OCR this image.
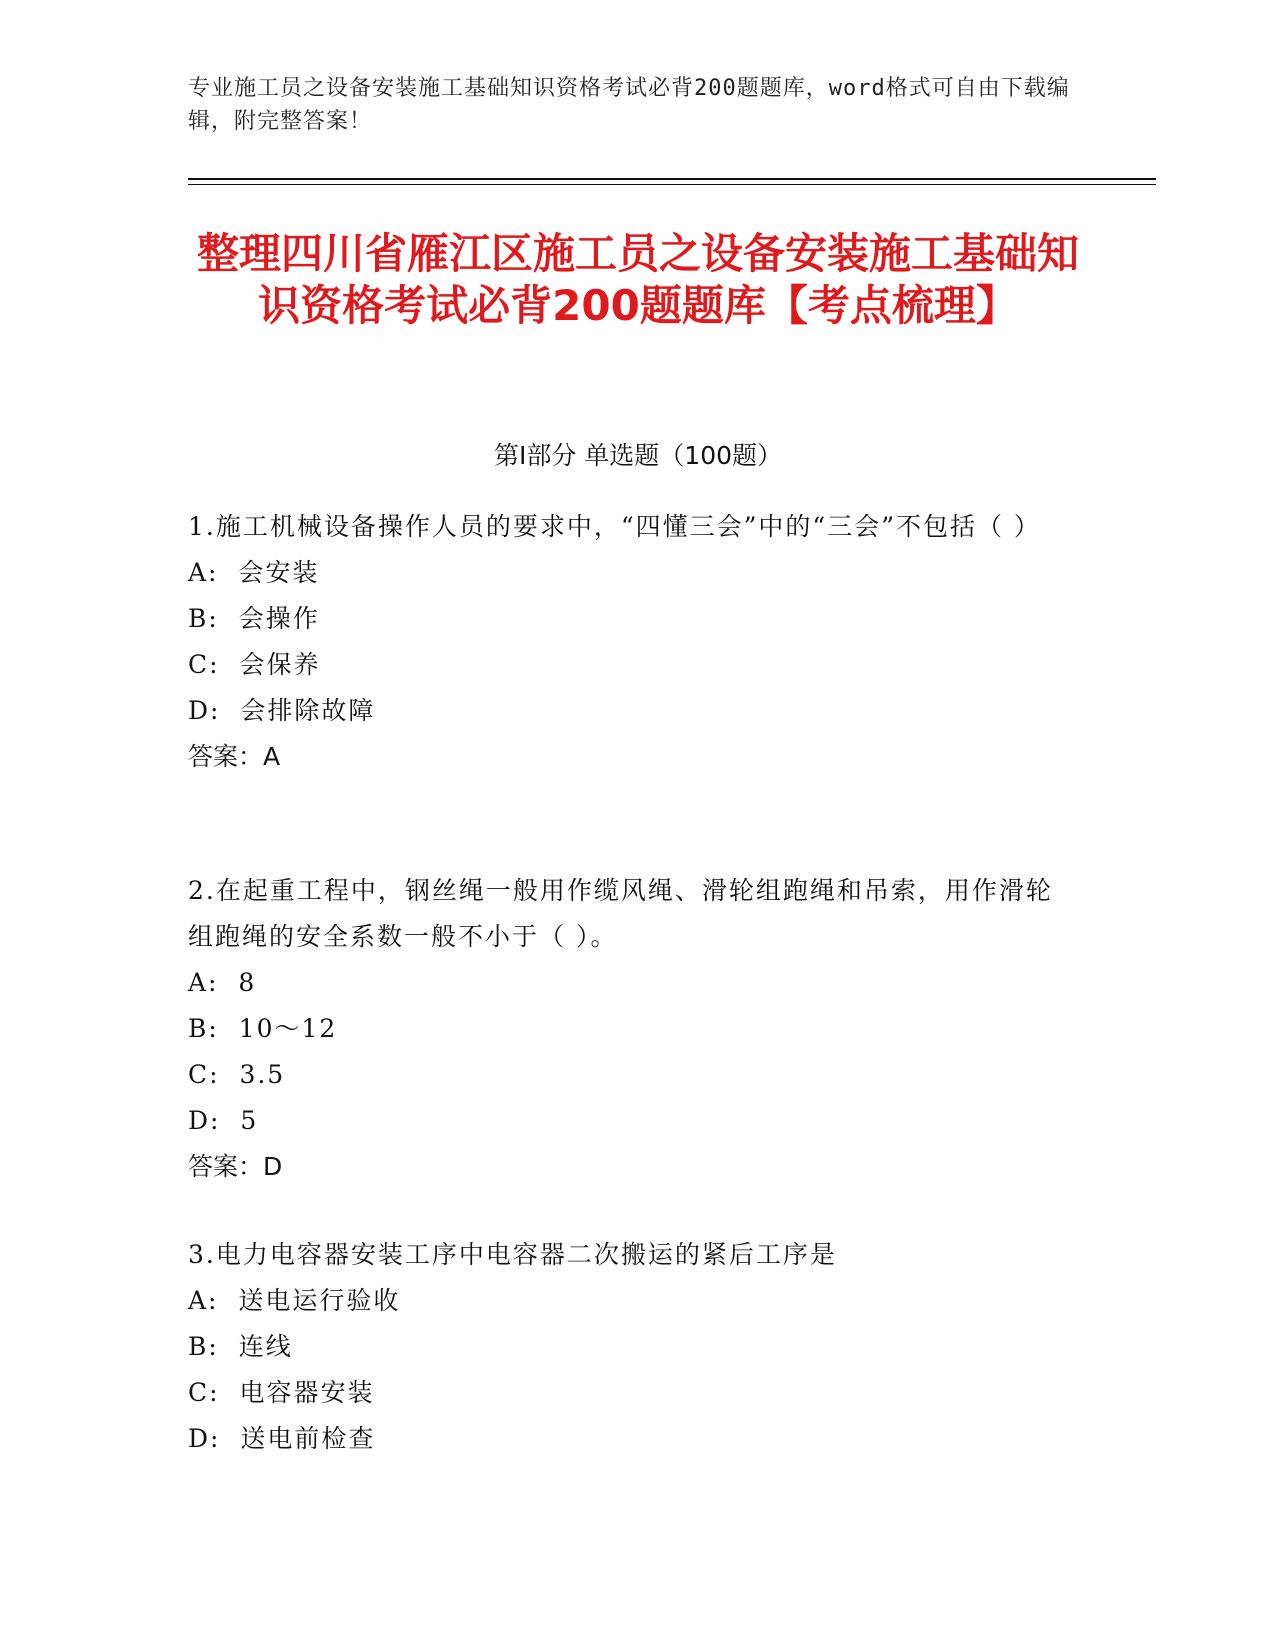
专业施工员之设备安装施工基础知识资格考试必背200题题库，word格式可自由下载编辑，附完整答案！
整理四川省雁江区施工员之设备安装施工基础知识资格考试必背200题题库【考点梳理】
第I部分 单选题（100题）

1.施工机械设备操作人员的要求中，“四懂三会”中的“三会”不包括（ ）

A:  会安装

B:  会操作

C:  会保养

D:  会排除故障

答案：A

2.在起重工程中，钢丝绳一般用作缆风绳、滑轮组跑绳和吊索，用作滑轮组跑绳的安全系数一般不小于（ ）。

A:  8

B:  10～12

C:  3.5

D:  5

答案：D

3.电力电容器安装工序中电容器二次搬运的紧后工序是

A:  送电运行验收

B:  连线

C:  电容器安装

D:  送电前检查
